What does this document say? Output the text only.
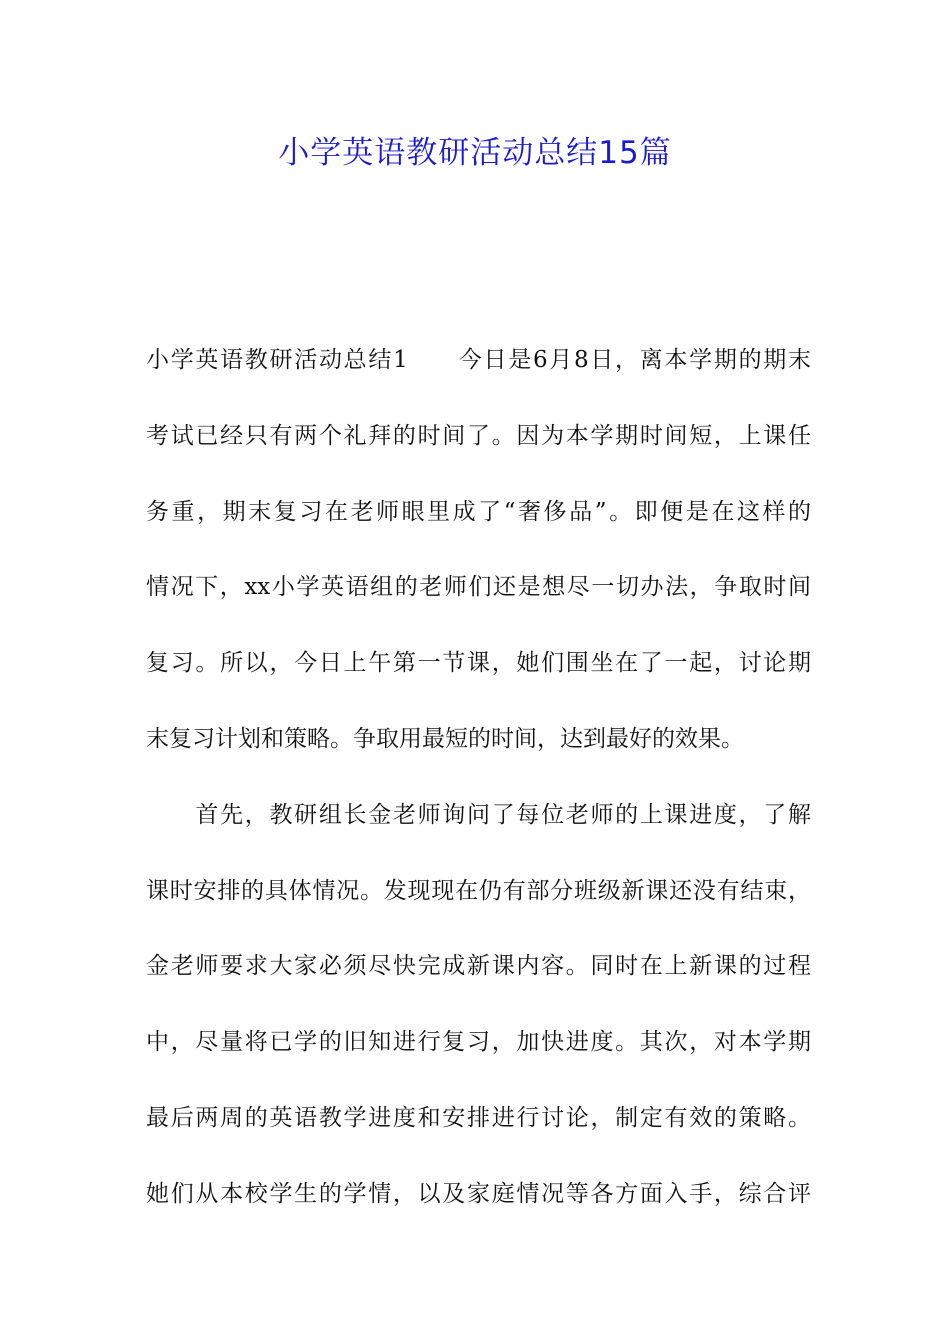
小学英语教研活动总结15篇
小学英语教研活动总结1　　今日是6月8日，离本学期的期末
考试已经只有两个礼拜的时间了。因为本学期时间短，上课任
务重，期末复习在老师眼里成了“奢侈品”。即便是在这样的
情况下，xx小学英语组的老师们还是想尽一切办法，争取时间
复习。所以，今日上午第一节课，她们围坐在了一起，讨论期
末复习计划和策略。争取用最短的时间，达到最好的效果。
　　首先，教研组长金老师询问了每位老师的上课进度，了解
课时安排的具体情况。发现现在仍有部分班级新课还没有结束，
金老师要求大家必须尽快完成新课内容。同时在上新课的过程
中，尽量将已学的旧知进行复习，加快进度。其次，对本学期
最后两周的英语教学进度和安排进行讨论，制定有效的策略。
她们从本校学生的学情，以及家庭情况等各方面入手，综合评
